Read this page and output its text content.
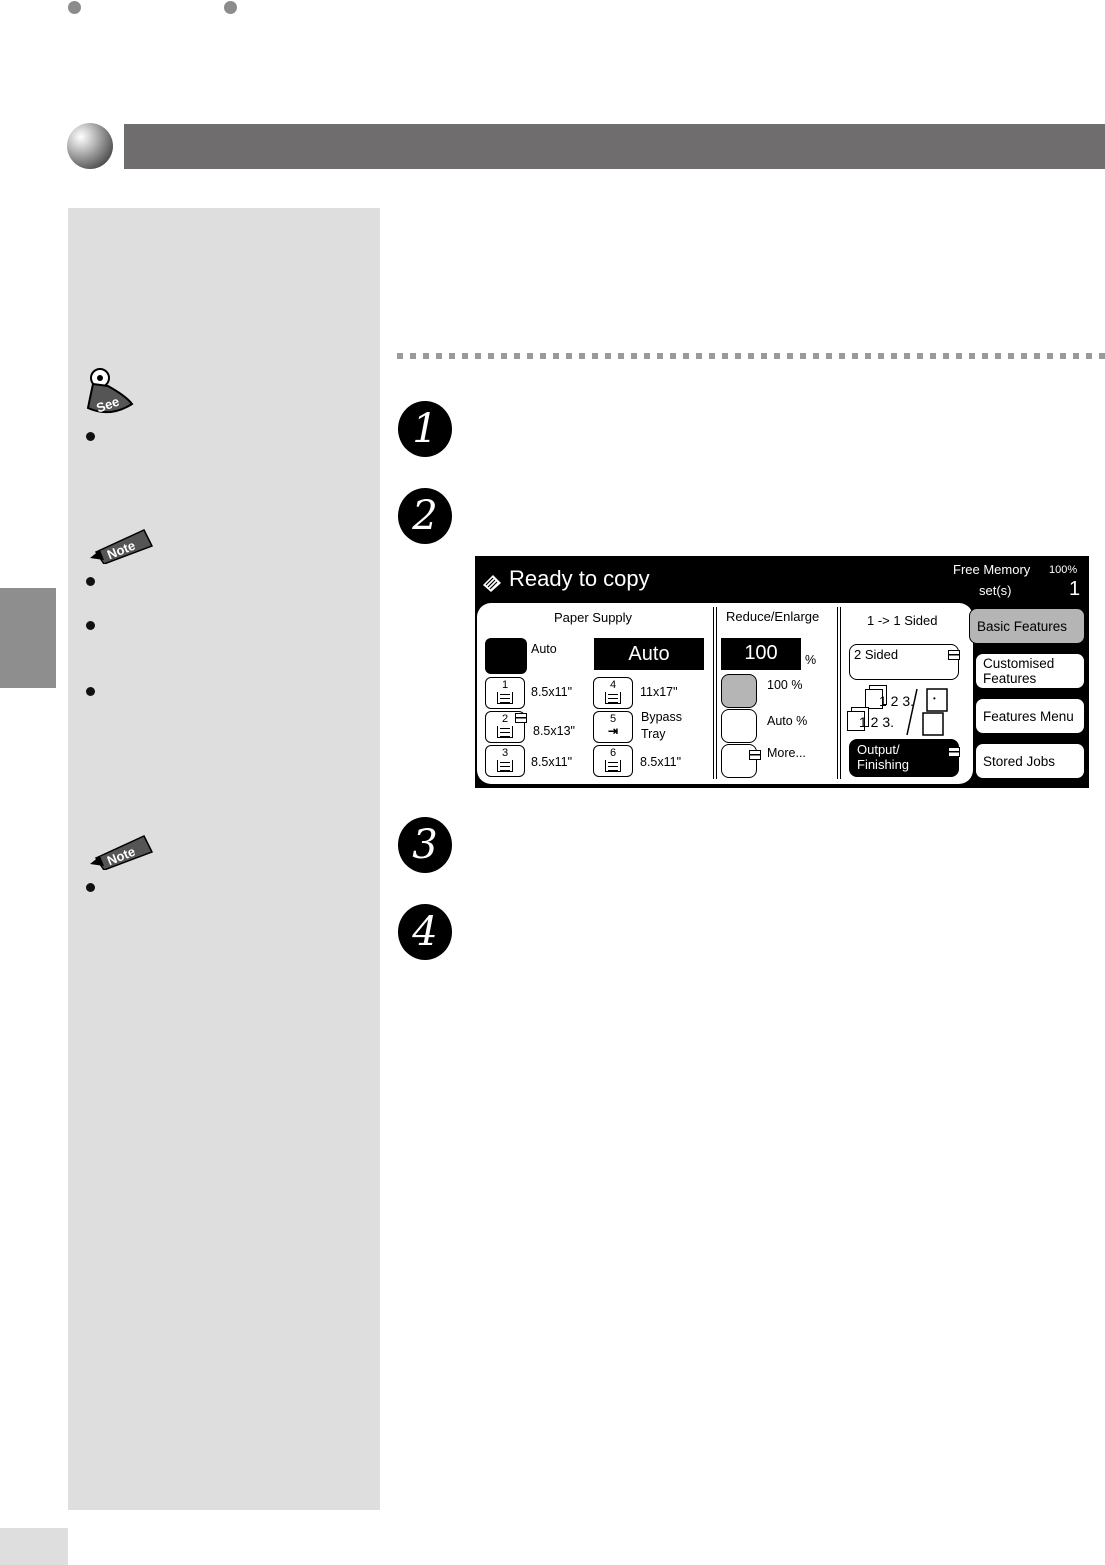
See
Note
Note
1
2
3
4
Ready to copy	Free Memory 100%
set(s)	1
Paper Supply
Auto	Auto
1	8.5x11"
2
8.5x13"
3
8.5x11"
4	11x17"
5
⇥
Bypass
Tray
6
8.5x11"
Reduce/Enlarge
100	%
100 %
Auto %
More...
1 -> 1 Sided
2 Sided
1 2 3.
1 2 3.
•
Output/
Finishing
Basic Features
Customised
Features
Features Menu
Stored Jobs
